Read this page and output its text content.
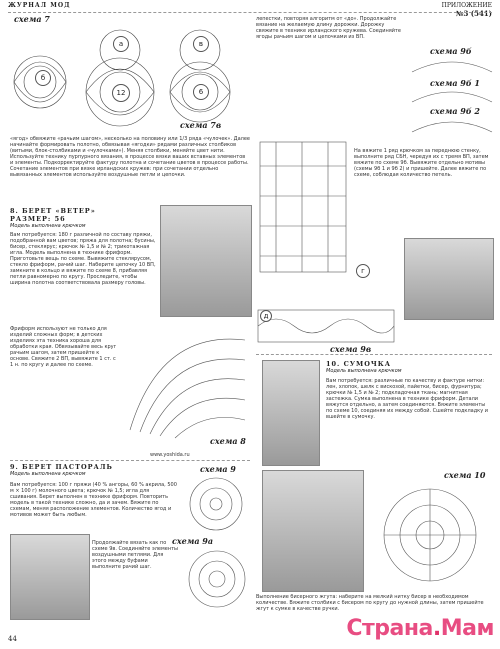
ЖУРНАЛ МОД	ПРИЛОЖЕНИЕ
№3 (541)
схема 7
б
а
12
в
6
схема 7в
«ягод» обвяжите «рачьим шагом», несколько на половину или 1/3 ряда «чулочек». Далее начинайте формировать полотно, обвязывая «ягодки» рядами различных столбиков (витыми, блок-столбиками и «чулочками»). Меняя столбики, меняйте цвет нити. Используйте технику пурпурного вязания, в процессе вязки ваших вставных элементов и элементы. Подкорректируйте фактуру полотна и сочетание цветов в процессе работы. Сочетание элементов при вязке ирландских кружев: при сочетании отдельно вывязанных элементов используйте воздушные петли и цепочки.
8. БЕРЕТ «ВЕТЕР»
РАЗМЕР: 56
Модель выполнена крючком
Вам потребуется: 180 г различной по составу пряжи, подобранной вам цветов; пряжа для полотна; бусины, бисер, стеклярус; крючок № 1,5 и № 2; трикотажная игла. Модель выполнена в технике фриформ. Приготовьте вещь по схеме. Вывяжите стеклярусом, стекло фриформ, рачий шаг. Наберите цепочку 10 ВП, замкните в кольцо и вяжите по схеме 8, прибавляя петли равномерно по кругу. Проследите, чтобы ширина полотна соответствовала размеру головы.
схема 8
Фриформ используют не только для изделий сложных форм; в детских изделиях эта техника хороша для обработки края. Обвязывайте весь круг рачьим шагом, затем пришейте к основе. Свяжите 2 ВП, вывяжите 1 ст. с 1 н. по кругу и далее по схеме.
www.yoshida.ru
9. БЕРЕТ ПАСТОРАЛЬ
Модель выполнена крючком	схема 9
Вам потребуется: 100 г пряжи (40 % ангоры, 60 % акрила, 500 м × 100 г) молочного цвета; крючок № 1,5; игла для сшивания. Берет выполнен в технике фриформ. Повторить модель в такой технике сложно, да и зачем. Вяжите по схемам, меняя расположение элементов. Количество ягод и мотивов может быть любым.
схема 9а
Продолжайте вязать как по схеме 9в. Соединяйте элементы воздушными петлями. Для этого между буфами выполните рачий шаг.
лепестки, повторяя алгоритм от «до». Продолжайте вязание на желаемую длину дорожки. Дорожку свяжите в технике ирландского кружева. Соединяйте ягоды рачьим шагом и цепочками из ВП.
схема 9б
схема 9б 1
схема 9б 2
На вяжите 1 ряд крючком за переднюю стенку, выполните ряд СБН, чередуя их с тремя ВП, затем вяжите по схеме 9б. Вывяжите отдельно мотивы (схемы 9б 1 и 9б 2) и пришейте. Далее вяжите по схеме, соблюдая количество петель.
г
д
схема 9в
10. СУМОЧКА
Модель выполнена крючком
Вам потребуется: различные по качеству и фактуре нитки: лен, хлопок, шелк с вискозой, пайетки, бисер, фурнитура; крючки № 1,5 и № 2; подкладочная ткань; магнитная застежка. Сумка выполнена в технике фриформ. Детали вяжутся отдельно, а затем соединяются. Вяжите элементы по схеме 10, соединяя их между собой. Сшейте подкладку и вшейте в сумочку.
схема 10
Выполнение бисерного жгута: наберите на мелкий нитку бисер в необходимом количестве. Вяжите столбики с бисером по кругу до нужной длины, затем пришейте жгут к сумке в качестве ручки.
44	Страна.Мам
